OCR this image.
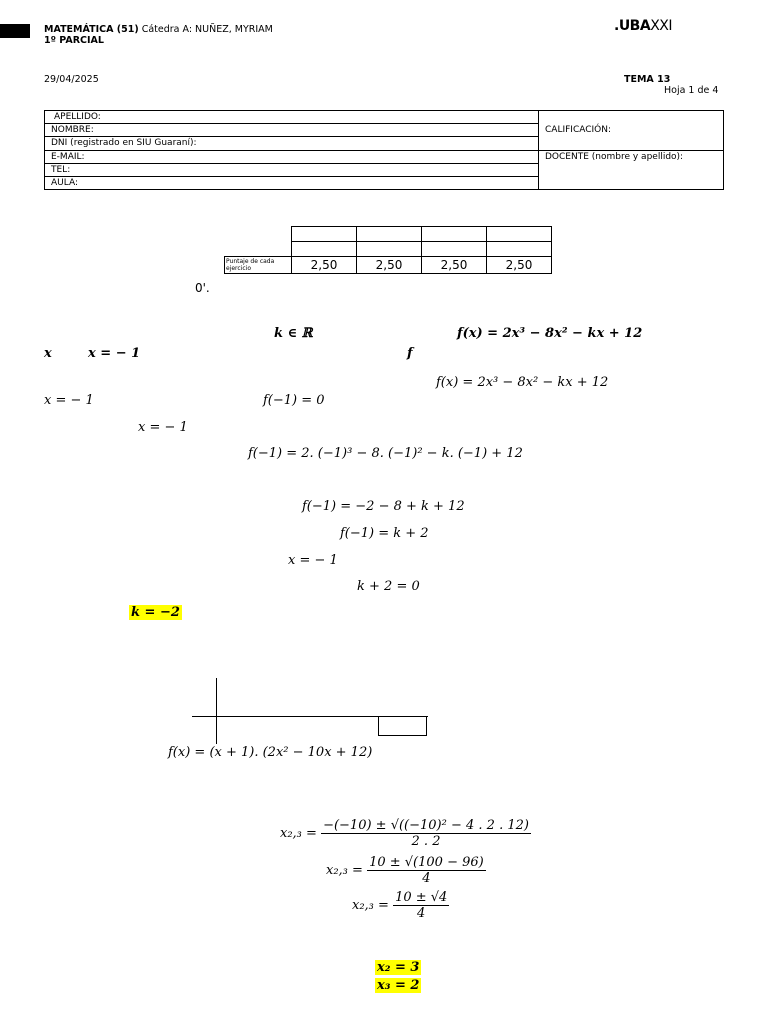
MATEMÁTICA (51) Cátedra A: NUÑEZ, MYRIAM
1º PARCIAL
.UBAXXI
29/04/2025	TEMA 13
Hoja 1 de 4
APELLIDO:	CALIFICACIÓN:
NOMBRE:	
DNI (registrado en SIU Guaraní):	
E-MAIL:	DOCENTE (nombre y apellido):
TEL:	
AULA:	

Puntaje de cada ejercicio	2,50	2,50	2,50	2,50
0'.
k ∈ ℝ	f(x) = 2x³ − 8x² − kx + 12
x	x = − 1	f
f(x) = 2x³ − 8x² − kx + 12
x = − 1	f(−1) = 0
x = − 1
f(−1) = 2. (−1)³ − 8. (−1)² − k. (−1) + 12
f(−1) = −2 − 8 + k + 12
f(−1) = k + 2
x = − 1
k + 2 = 0
k = −2
f(x) = (x + 1). (2x² − 10x + 12)
$x_2,_3 = \frac{\text{−(−10) ± √((−10)² − 4 . 2 . 12)}}{2 . 2}$
$x_2,_3 = \frac{10 \pm √(100 - 96)}{4}$
$x_2,_3 = \frac{10 \pm √4}{4}$
x₂ = 3
x₃ = 2
